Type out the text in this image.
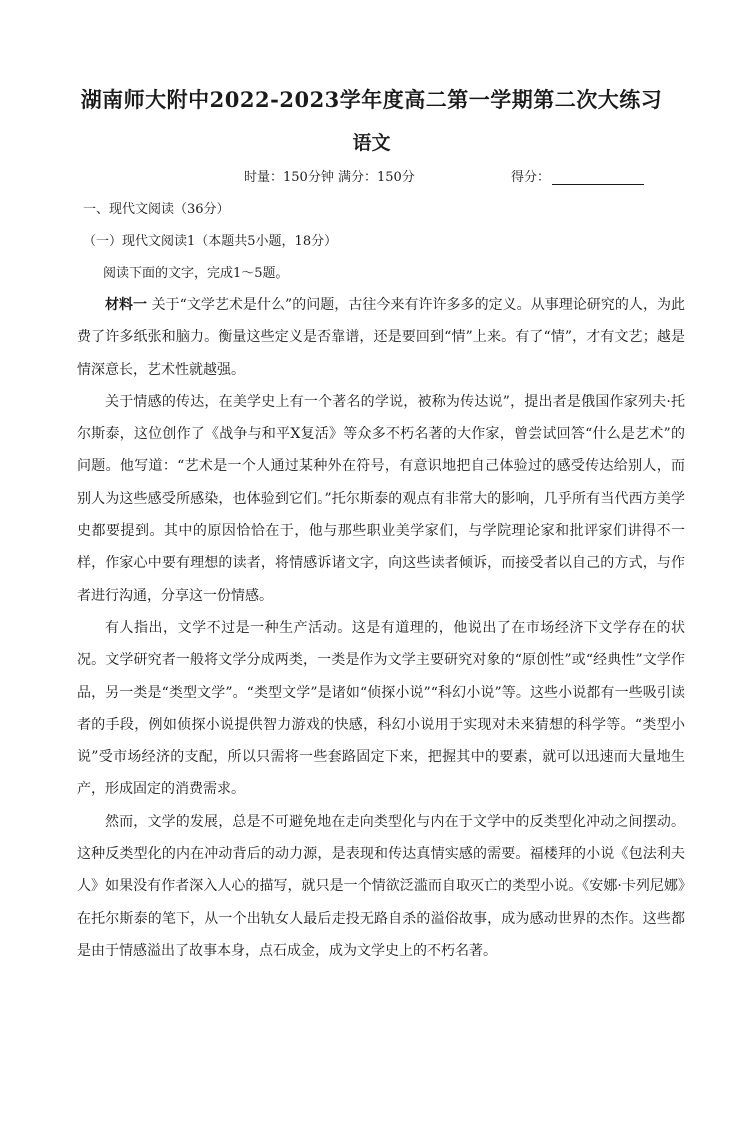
湖南师大附中2022-2023学年度高二第一学期第二次大练习
语文
时量：150分钟 满分：150分	得分：
一、现代文阅读（36分）
（一）现代文阅读1（本题共5小题，18分）
阅读下面的文字，完成1～5题。

材料一 关于“文学艺术是什么”的问题，古往今来有许许多多的定义。从事理论研究的人，为此费了许多纸张和脑力。衡量这些定义是否靠谱，还是要回到“情”上来。有了“情”，才有文艺；越是情深意长，艺术性就越强。

关于情感的传达，在美学史上有一个著名的学说，被称为传达说”，提出者是俄国作家列夫·托尔斯泰，这位创作了《战争与和平X复活》等众多不朽名著的大作家，曾尝试回答“什么是艺术”的问题。他写道：“艺术是一个人通过某种外在符号，有意识地把自己体验过的感受传达给别人，而别人为这些感受所感染，也体验到它们。”托尔斯泰的观点有非常大的影响，几乎所有当代西方美学史都要提到。其中的原因恰恰在于，他与那些职业美学家们，与学院理论家和批评家们讲得不一样，作家心中要有理想的读者，将情感诉诸文字，向这些读者倾诉，而接受者以自己的方式，与作者进行沟通，分享这一份情感。

有人指出，文学不过是一种生产活动。这是有道理的，他说出了在市场经济下文学存在的状况。文学研究者一般将文学分成两类，一类是作为文学主要研究对象的“原创性”或“经典性”文学作品，另一类是“类型文学”。“类型文学”是诸如“侦探小说”“科幻小说”等。这些小说都有一些吸引读者的手段，例如侦探小说提供智力游戏的快感，科幻小说用于实现对未来猜想的科学等。“类型小说”受市场经济的支配，所以只需将一些套路固定下来，把握其中的要素，就可以迅速而大量地生产，形成固定的消费需求。

然而，文学的发展，总是不可避免地在走向类型化与内在于文学中的反类型化冲动之间摆动。这种反类型化的内在冲动背后的动力源，是表现和传达真情实感的需要。福楼拜的小说《包法利夫人》如果没有作者深入人心的描写，就只是一个情欲泛滥而自取灭亡的类型小说。《安娜·卡列尼娜》在托尔斯泰的笔下，从一个出轨女人最后走投无路自杀的溢俗故事，成为感动世界的杰作。这些都是由于情感溢出了故事本身，点石成金，成为文学史上的不朽名著。
